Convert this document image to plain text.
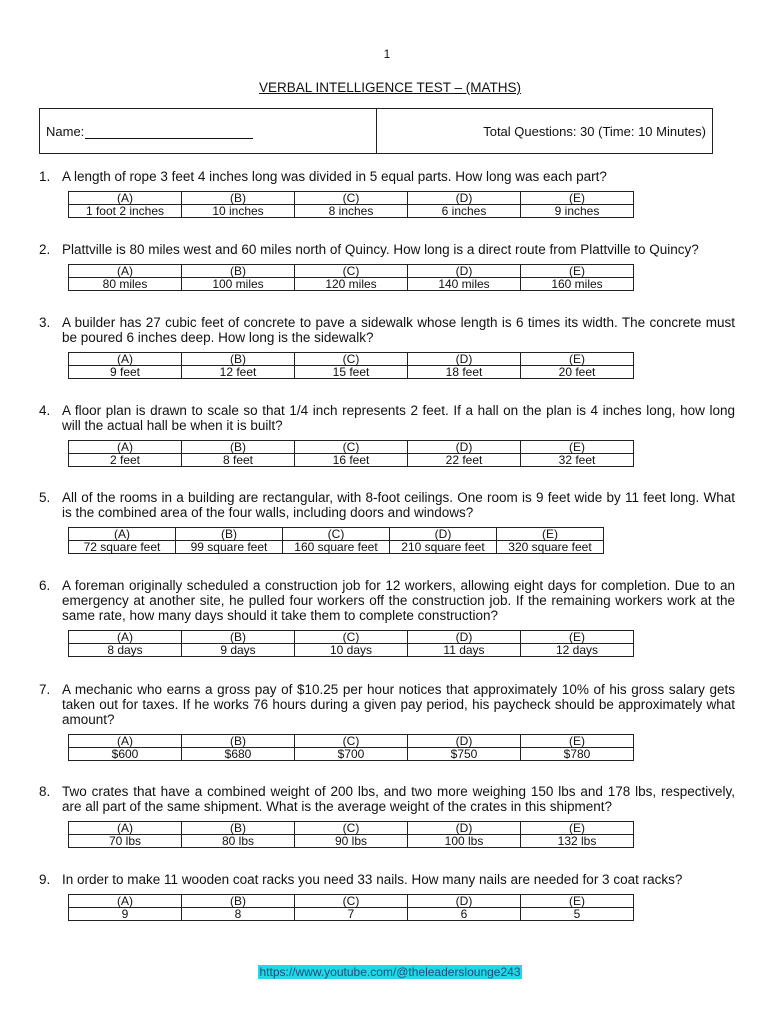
1
VERBAL INTELLIGENCE TEST – (MATHS)
Name:	Total Questions: 30 (Time: 10 Minutes)
1. A length of rope 3 feet 4 inches long was divided in 5 equal parts. How long was each part?
(A)	(B)	(C)	(D)	(E)
1 foot 2 inches	10 inches	8 inches	6 inches	9 inches
2. Plattville is 80 miles west and 60 miles north of Quincy. How long is a direct route from Plattville to Quincy?
(A)	(B)	(C)	(D)	(E)
80 miles	100 miles	120 miles	140 miles	160 miles
3. A builder has 27 cubic feet of concrete to pave a sidewalk whose length is 6 times its width. The concrete must be poured 6 inches deep. How long is the sidewalk?
(A)	(B)	(C)	(D)	(E)
9 feet	12 feet	15 feet	18 feet	20 feet
4. A floor plan is drawn to scale so that 1/4 inch represents 2 feet. If a hall on the plan is 4 inches long, how long will the actual hall be when it is built?
(A)	(B)	(C)	(D)	(E)
2 feet	8 feet	16 feet	22 feet	32 feet
5. All of the rooms in a building are rectangular, with 8-foot ceilings. One room is 9 feet wide by 11 feet long. What is the combined area of the four walls, including doors and windows?
(A)	(B)	(C)	(D)	(E)
72 square feet	99 square feet	160 square feet	210 square feet	320 square feet
6. A foreman originally scheduled a construction job for 12 workers, allowing eight days for completion. Due to an emergency at another site, he pulled four workers off the construction job. If the remaining workers work at the same rate, how many days should it take them to complete construction?
(A)	(B)	(C)	(D)	(E)
8 days	9 days	10 days	11 days	12 days
7. A mechanic who earns a gross pay of $10.25 per hour notices that approximately 10% of his gross salary gets taken out for taxes. If he works 76 hours during a given pay period, his paycheck should be approximately what amount?
(A)	(B)	(C)	(D)	(E)
$600	$680	$700	$750	$780
8. Two crates that have a combined weight of 200 lbs, and two more weighing 150 lbs and 178 lbs, respectively, are all part of the same shipment. What is the average weight of the crates in this shipment?
(A)	(B)	(C)	(D)	(E)
70 lbs	80 lbs	90 lbs	100 lbs	132 lbs
9. In order to make 11 wooden coat racks you need 33 nails. How many nails are needed for 3 coat racks?
(A)	(B)	(C)	(D)	(E)
9	8	7	6	5
https://www.youtube.com/@theleaderslounge243
